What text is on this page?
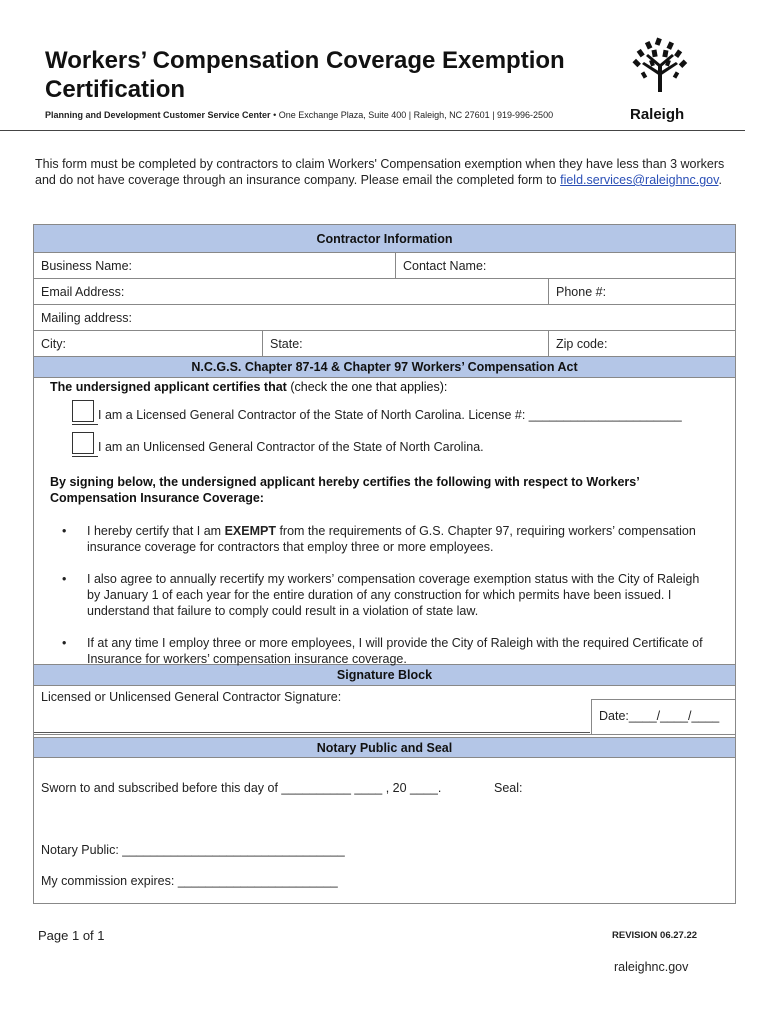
Workers’ Compensation Coverage Exemption Certification
Planning and Development Customer Service Center • One Exchange Plaza, Suite 400 | Raleigh, NC 27601 | 919-996-2500	Raleigh
This form must be completed by contractors to claim Workers' Compensation exemption when they have less than 3 workers and do not have coverage through an insurance company. Please email the completed form to field.services@raleighnc.gov.
Contractor Information
Business Name:	Contact Name:
Email Address:	Phone #:
Mailing address:
City:	State:	Zip code:
N.C.G.S. Chapter 87-14 & Chapter 97 Workers’ Compensation Act
The undersigned applicant certifies that (check the one that applies):
I am a Licensed General Contractor of the State of North Carolina. License #: ______________________
I am an Unlicensed General Contractor of the State of North Carolina.
By signing below, the undersigned applicant hereby certifies the following with respect to Workers’ Compensation Insurance Coverage:
•
I hereby certify that I am EXEMPT from the requirements of G.S. Chapter 97, requiring workers’ compensation insurance coverage for contractors that employ three or more employees.
•
I also agree to annually recertify my workers’ compensation coverage exemption status with the City of Raleigh by January 1 of each year for the entire duration of any construction for which permits have been issued. I understand that failure to comply could result in a violation of state law.
•
If at any time I employ three or more employees, I will provide the City of Raleigh with the required Certificate of Insurance for workers’ compensation insurance coverage.
Signature Block
Licensed or Unlicensed General Contractor Signature:
Date:____/____/____
Notary Public and Seal
Sworn to and subscribed before this day of __________ ____ , 20 ____.	Seal:
Notary Public: ________________________________
My commission expires: _______________________
Page 1 of 1	REVISION 06.27.22
raleighnc.gov
